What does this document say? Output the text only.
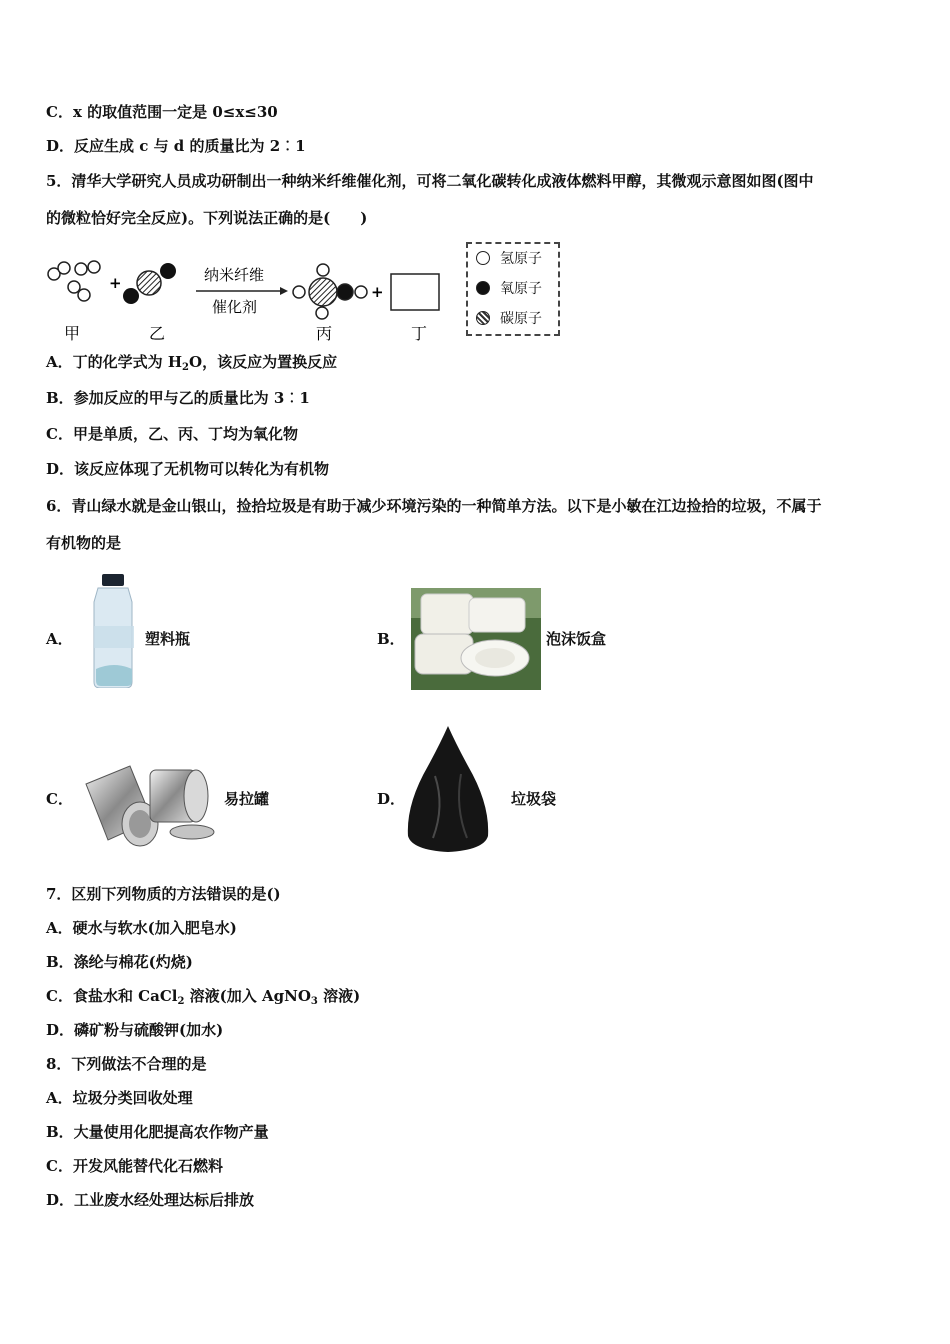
C．x 的取值范围一定是 0≤x≤30
D．反应生成 c 与 d 的质量比为 2︰1
5．清华大学研究人员成功研制出一种纳米纤维催化剂，可将二氧化碳转化成液体燃料甲醇，其微观示意图如图(图中
的微粒恰好完全反应)。下列说法正确的是(　　)
+	纳米纤维
催化剂
+
甲	乙	丙	丁
氢原子
氧原子
碳原子
A．丁的化学式为 $H_2O$，该反应为置换反应
B．参加反应的甲与乙的质量比为 3︰1
C．甲是单质，乙、丙、丁均为氧化物
D．该反应体现了无机物可以转化为有机物
6．青山绿水就是金山银山，捡拾垃圾是有助于减少环境污染的一种简单方法。以下是小敏在江边捡拾的垃圾，不属于
有机物的是
A．	塑料瓶	B．	泡沫饭盒
C．	易拉罐	D．	垃圾袋
7．区别下列物质的方法错误的是()
A．硬水与软水(加入肥皂水)
B．涤纶与棉花(灼烧)
C．食盐水和 CaCl$_2$ 溶液(加入 AgNO$_3$ 溶液)
D．磷矿粉与硫酸钾(加水)
8．下列做法不合理的是
A．垃圾分类回收处理
B．大量使用化肥提高农作物产量
C．开发风能替代化石燃料
D．工业废水经处理达标后排放
